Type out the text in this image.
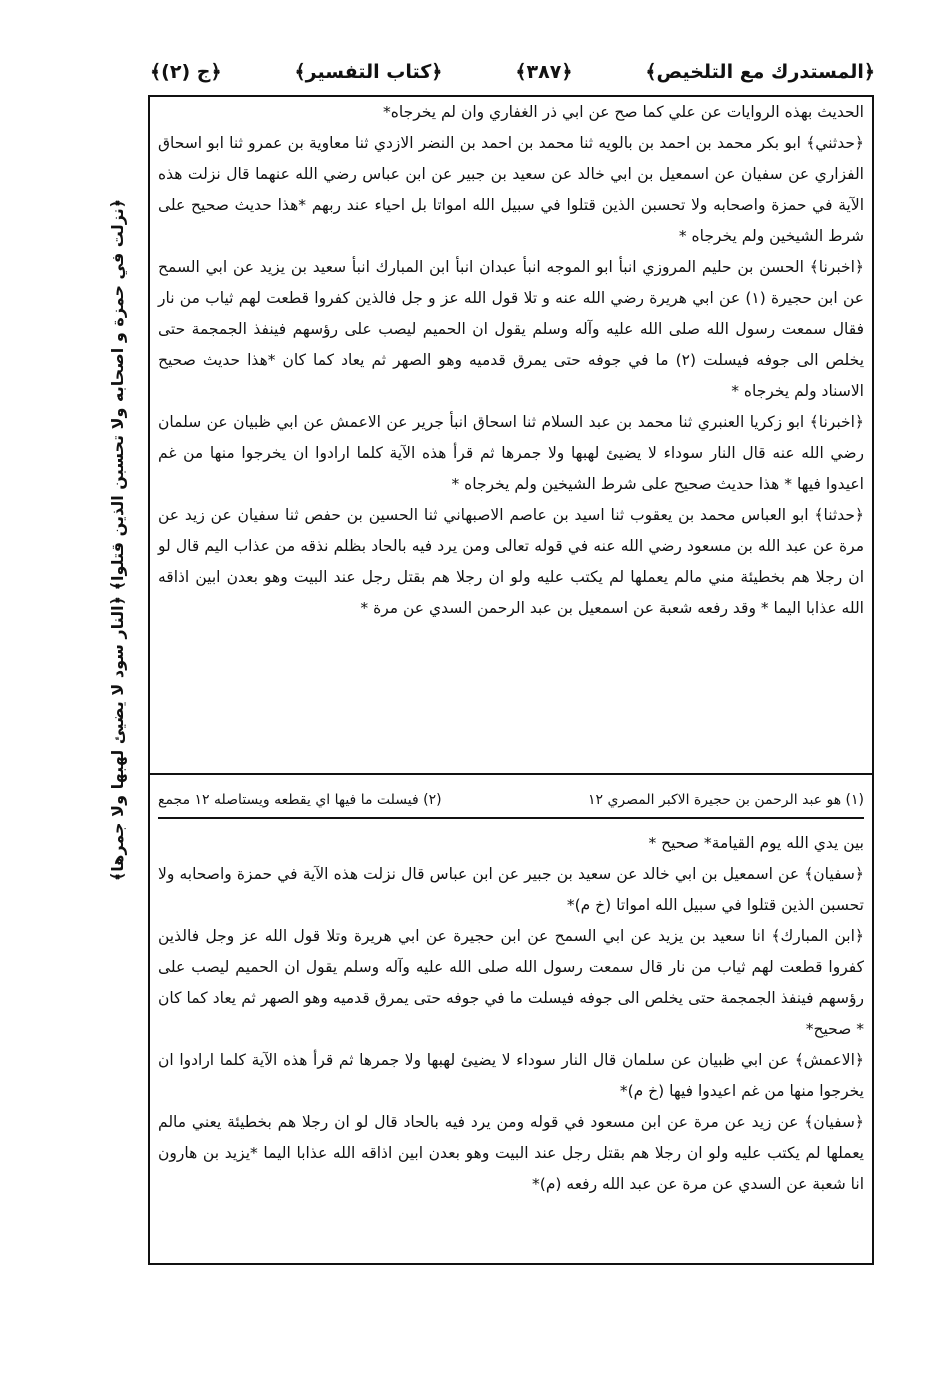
﴿المستدرك مع التلخيص﴾
﴿٣٨٧﴾
﴿كتاب التفسير﴾
﴿ج (٢)﴾
﴿نزلت في حمزة و اصحابه ولا تحسبن الذين قتلوا﴾ ﴿النار سود لا يضيئ لهبها ولا جمرها﴾

الحديث بهذه الروايات عن علي كما صح عن ابي ذر الغفاري وان لم يخرجاه*

﴿حدثني﴾ ابو بكر محمد بن احمد بن بالويه ثنا محمد بن احمد بن النضر الازدي ثنا معاوية بن عمرو ثنا ابو اسحاق الفزاري عن سفيان عن اسمعيل بن ابي خالد عن سعيد بن جبير عن ابن عباس رضي الله عنهما قال نزلت هذه الآية في حمزة واصحابه ولا تحسبن الذين قتلوا في سبيل الله امواتا بل احياء عند ربهم *هذا حديث صحيح على شرط الشيخين ولم يخرجاه *

﴿اخبرنا﴾ الحسن بن حليم المروزي انبأ ابو الموجه انبأ عبدان انبأ ابن المبارك انبأ سعيد بن يزيد عن ابي السمح عن ابن حجيرة (١) عن ابي هريرة رضي الله عنه و تلا قول الله عز و جل فالذين كفروا قطعت لهم ثياب من نار فقال سمعت رسول الله صلى الله عليه وآله وسلم يقول ان الحميم ليصب على رؤسهم فينفذ الجمجمة حتى يخلص الى جوفه فيسلت (٢) ما في جوفه حتى يمرق قدميه وهو الصهر ثم يعاد كما كان *هذا حديث صحيح الاسناد ولم يخرجاه *

﴿اخبرنا﴾ ابو زكريا العنبري ثنا محمد بن عبد السلام ثنا اسحاق انبأ جرير عن الاعمش عن ابي ظبيان عن سلمان رضي الله عنه قال النار سوداء لا يضيئ لهبها ولا جمرها ثم قرأ هذه الآية كلما ارادوا ان يخرجوا منها من غم اعيدوا فيها * هذا حديث صحيح على شرط الشيخين ولم يخرجاه *

﴿حدثنا﴾ ابو العباس محمد بن يعقوب ثنا اسيد بن عاصم الاصبهاني ثنا الحسين بن حفص ثنا سفيان عن زيد عن مرة عن عبد الله بن مسعود رضي الله عنه في قوله تعالى ومن يرد فيه بالحاد بظلم نذقه من عذاب اليم قال لو ان رجلا هم بخطيئة مني مالم يعملها لم يكتب عليه ولو ان رجلا هم بقتل رجل عند البيت وهو بعدن ابين اذاقه الله عذابا اليما * وقد رفعه شعبة عن اسمعيل بن عبد الرحمن السدي عن مرة *

(١) هو عبد الرحمن بن حجيرة الاكبر المصري ١٢
(٢) فيسلت ما فيها اي يقطعه ويستاصله ١٢ مجمع

بين يدي الله يوم القيامة* صحيح *

﴿سفيان﴾ عن اسمعيل بن ابي خالد عن سعيد بن جبير عن ابن عباس قال نزلت هذه الآية في حمزة واصحابه ولا تحسبن الذين قتلوا في سبيل الله امواتا (خ م)*

﴿ابن المبارك﴾ انا سعيد بن يزيد عن ابي السمح عن ابن حجيرة عن ابي هريرة وتلا قول الله عز وجل فالذين كفروا قطعت لهم ثياب من نار قال سمعت رسول الله صلى الله عليه وآله وسلم يقول ان الحميم ليصب على رؤسهم فينفذ الجمجمة حتى يخلص الى جوفه فيسلت ما في جوفه حتى يمرق قدميه وهو الصهر ثم يعاد كما كان * صحيح*

﴿الاعمش﴾ عن ابي ظبيان عن سلمان قال النار سوداء لا يضيئ لهبها ولا جمرها ثم قرأ هذه الآية كلما ارادوا ان يخرجوا منها من غم اعيدوا فيها (خ م)*

﴿سفيان﴾ عن زيد عن مرة عن ابن مسعود في قوله ومن يرد فيه بالحاد قال لو ان رجلا هم بخطيئة يعني مالم يعملها لم يكتب عليه ولو ان رجلا هم بقتل رجل عند البيت وهو بعدن ابين اذاقه الله عذابا اليما *يزيد بن هارون انا شعبة عن السدي عن مرة عن عبد الله رفعه (م)*
